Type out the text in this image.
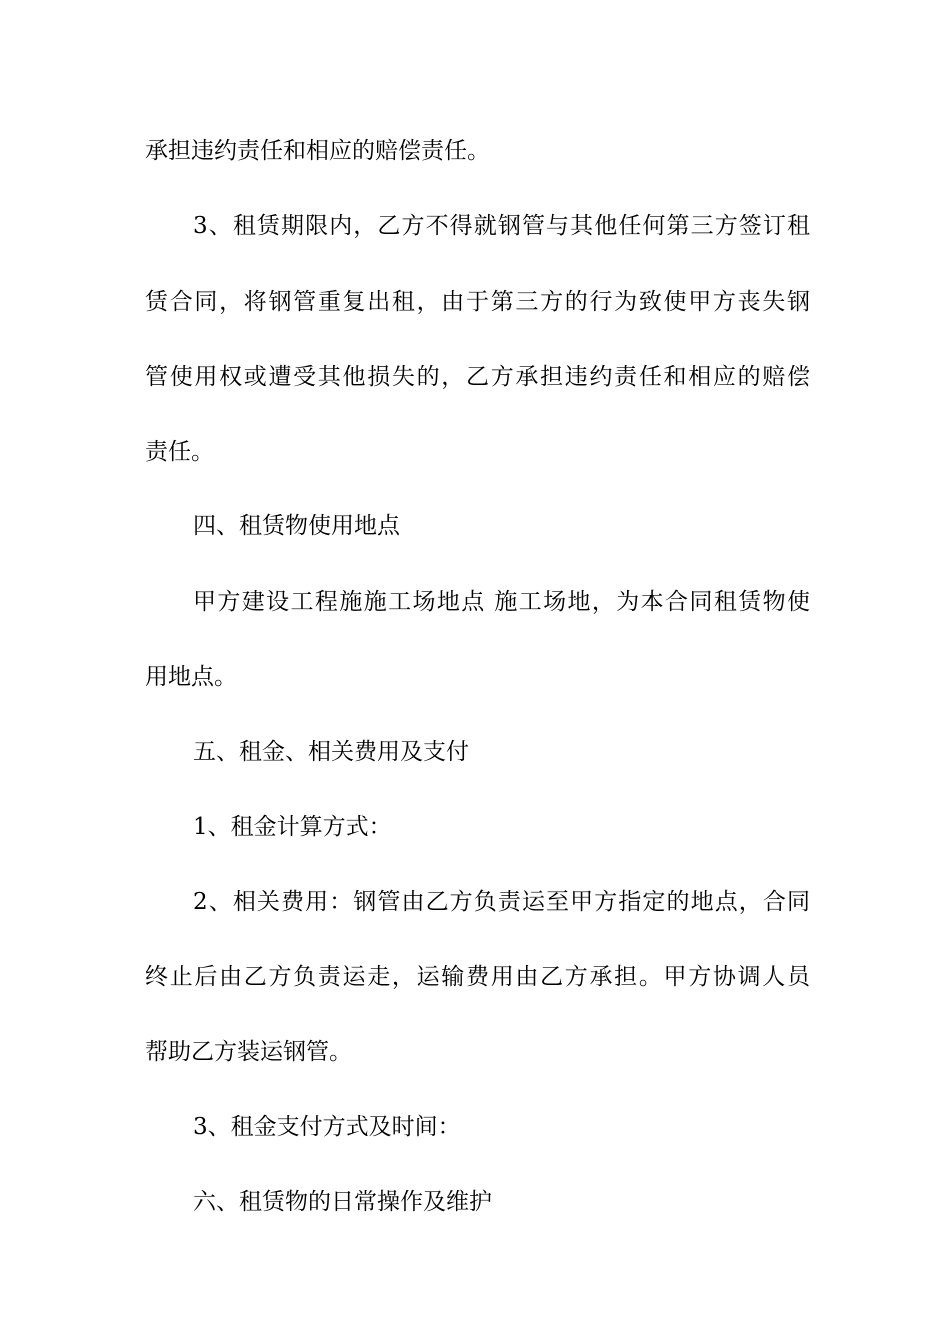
承担违约责任和相应的赔偿责任。
3、租赁期限内，乙方不得就钢管与其他任何第三方签订租
赁合同，将钢管重复出租，由于第三方的行为致使甲方丧失钢
管使用权或遭受其他损失的，乙方承担违约责任和相应的赔偿
责任。
四、租赁物使用地点
甲方建设工程施施工场地点 施工场地，为本合同租赁物使
用地点。
五、租金、相关费用及支付
1、租金计算方式：
2、相关费用：钢管由乙方负责运至甲方指定的地点，合同
终止后由乙方负责运走，运输费用由乙方承担。甲方协调人员
帮助乙方装运钢管。
3、租金支付方式及时间：
六、租赁物的日常操作及维护
